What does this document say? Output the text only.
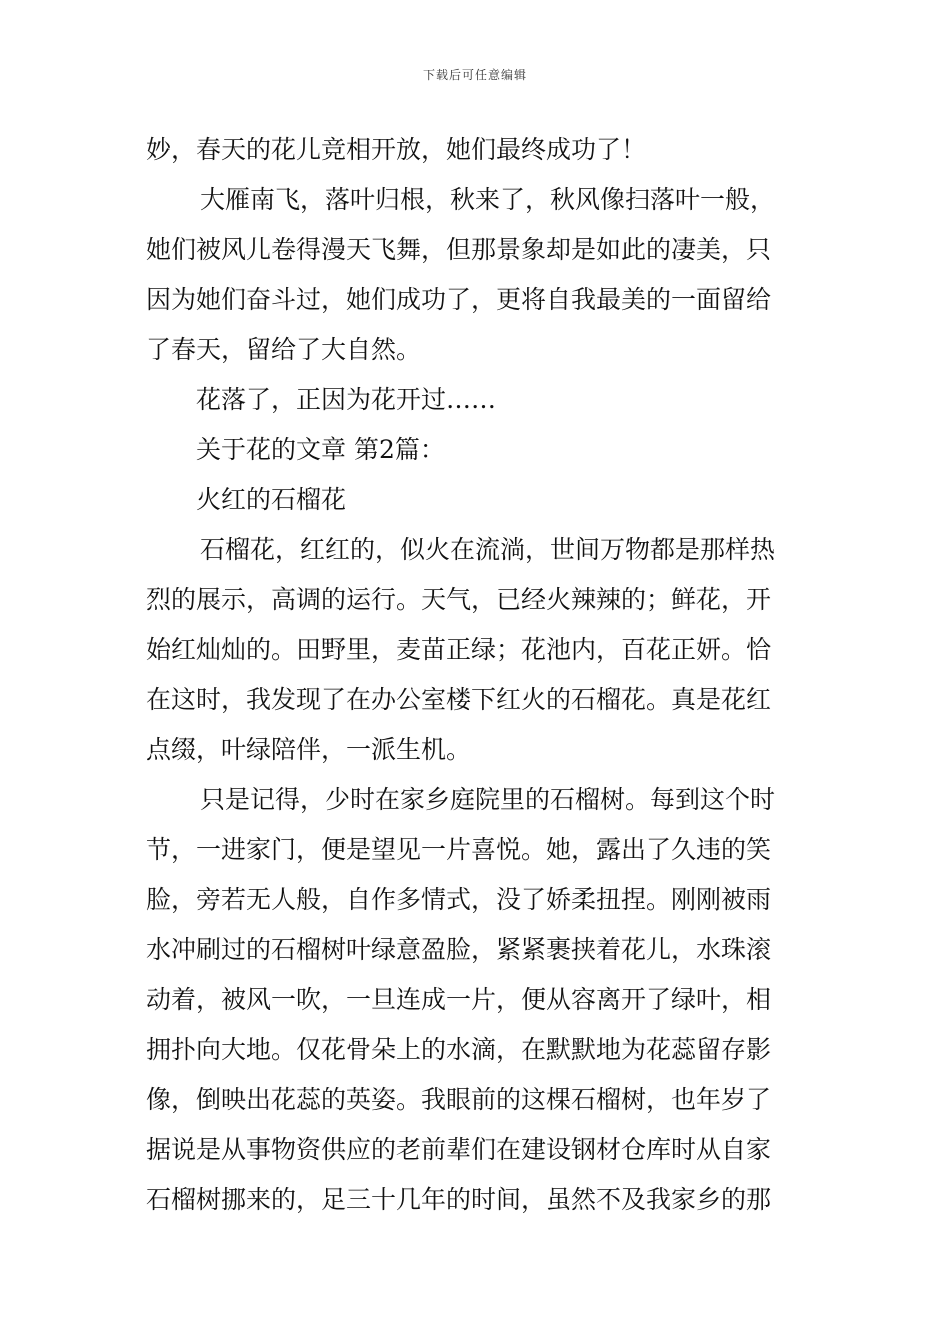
下载后可任意编辑
妙，春天的花儿竞相开放，她们最终成功了！
大雁南飞，落叶归根，秋来了，秋风像扫落叶一般，
她们被风儿卷得漫天飞舞，但那景象却是如此的凄美，只
因为她们奋斗过，她们成功了，更将自我最美的一面留给
了春天，留给了大自然。
花落了，正因为花开过……
关于花的文章 第2篇：
火红的石榴花
石榴花，红红的，似火在流淌，世间万物都是那样热
烈的展示，高调的运行。天气，已经火辣辣的；鲜花，开
始红灿灿的。田野里，麦苗正绿；花池内，百花正妍。恰
在这时，我发现了在办公室楼下红火的石榴花。真是花红
点缀，叶绿陪伴，一派生机。
只是记得，少时在家乡庭院里的石榴树。每到这个时
节，一进家门，便是望见一片喜悦。她，露出了久违的笑
脸，旁若无人般，自作多情式，没了娇柔扭捏。刚刚被雨
水冲刷过的石榴树叶绿意盈脸，紧紧裹挟着花儿，水珠滚
动着，被风一吹，一旦连成一片，便从容离开了绿叶，相
拥扑向大地。仅花骨朵上的水滴，在默默地为花蕊留存影
像，倒映出花蕊的英姿。我眼前的这棵石榴树，也年岁了
据说是从事物资供应的老前辈们在建设钢材仓库时从自家
石榴树挪来的，足三十几年的时间，虽然不及我家乡的那
